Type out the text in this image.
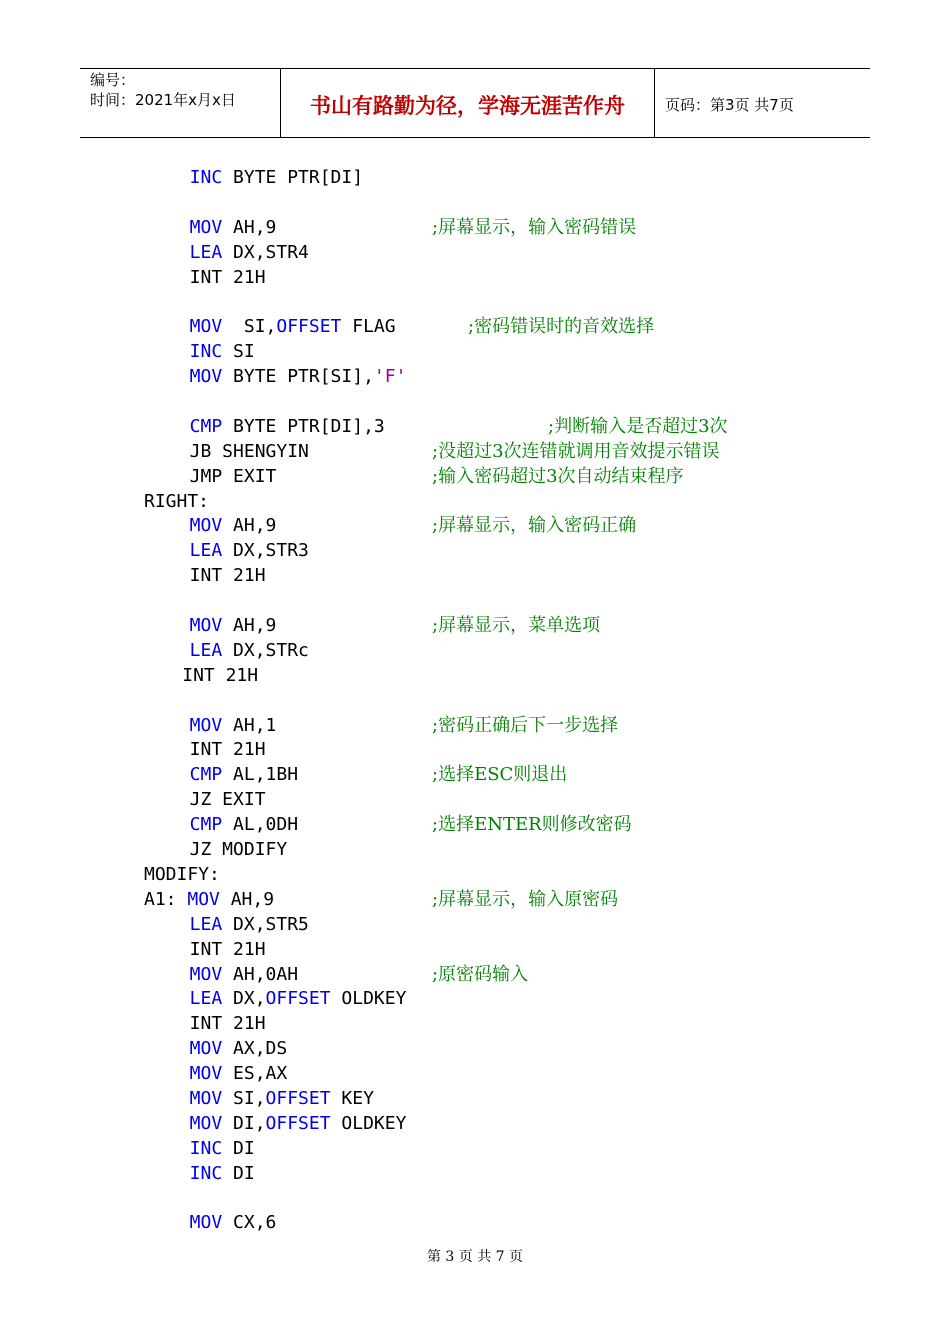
编号：
时间：2021年x月x日	书山有路勤为径，学海无涯苦作舟	页码：第3页 共7页
INC BYTE PTR[DI]
MOV AH,9	;屏幕显示，输入密码错误
LEA DX,STR4
INT 21H
MOV  SI,OFFSET FLAG	;密码错误时的音效选择
INC SI
MOV BYTE PTR[SI],'F'
CMP BYTE PTR[DI],3	;判断输入是否超过3次
JB SHENGYIN	;没超过3次连错就调用音效提示错误
JMP EXIT	;输入密码超过3次自动结束程序
RIGHT:
MOV AH,9	;屏幕显示，输入密码正确
LEA DX,STR3
INT 21H
MOV AH,9	;屏幕显示，菜单选项
LEA DX,STRc
INT 21H
MOV AH,1	;密码正确后下一步选择
INT 21H
CMP AL,1BH	;选择ESC则退出
JZ EXIT
CMP AL,0DH	;选择ENTER则修改密码
JZ MODIFY
MODIFY:
A1: MOV AH,9	;屏幕显示，输入原密码
LEA DX,STR5
INT 21H
MOV AH,0AH	;原密码输入
LEA DX,OFFSET OLDKEY
INT 21H
MOV AX,DS
MOV ES,AX
MOV SI,OFFSET KEY
MOV DI,OFFSET OLDKEY
INC DI
INC DI
MOV CX,6
第 3 页 共 7 页
